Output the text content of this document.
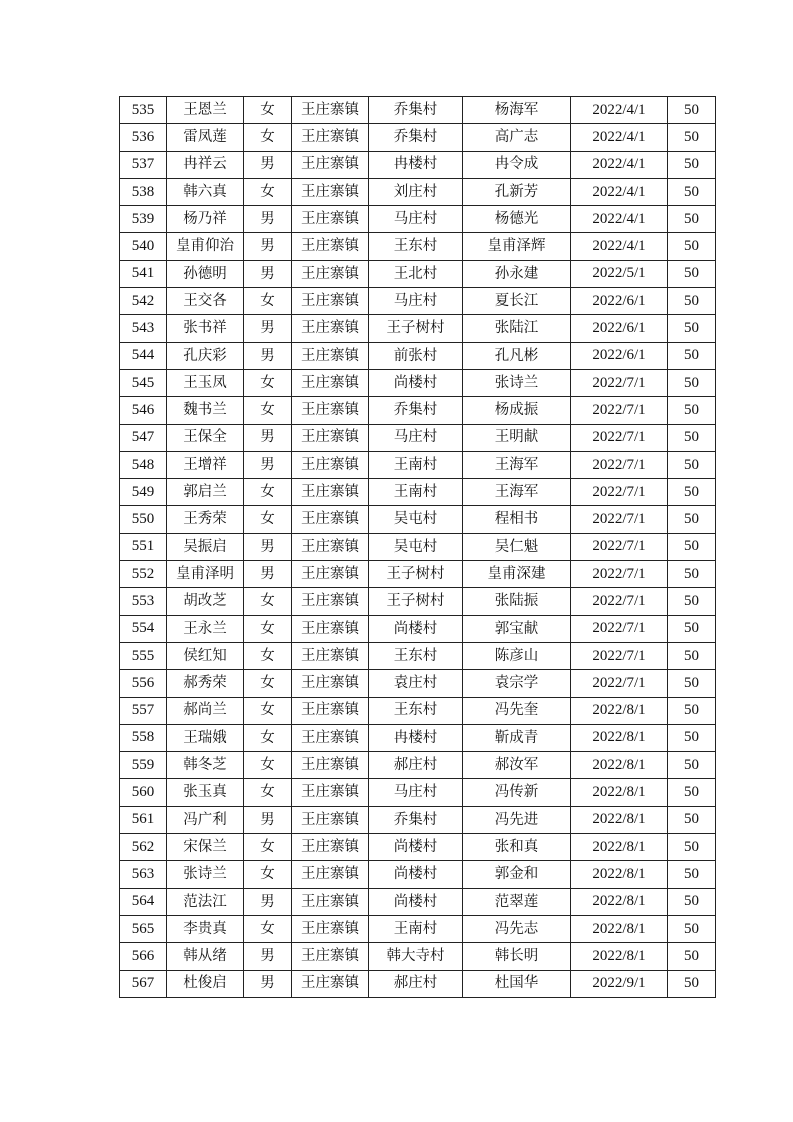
535	王恩兰	女	王庄寨镇	乔集村	杨海军	2022/4/1	50
536	雷凤莲	女	王庄寨镇	乔集村	高广志	2022/4/1	50
537	冉祥云	男	王庄寨镇	冉楼村	冉令成	2022/4/1	50
538	韩六真	女	王庄寨镇	刘庄村	孔新芳	2022/4/1	50
539	杨乃祥	男	王庄寨镇	马庄村	杨德光	2022/4/1	50
540	皇甫仰治	男	王庄寨镇	王东村	皇甫泽辉	2022/4/1	50
541	孙德明	男	王庄寨镇	王北村	孙永建	2022/5/1	50
542	王交各	女	王庄寨镇	马庄村	夏长江	2022/6/1	50
543	张书祥	男	王庄寨镇	王子树村	张陆江	2022/6/1	50
544	孔庆彩	男	王庄寨镇	前张村	孔凡彬	2022/6/1	50
545	王玉凤	女	王庄寨镇	尚楼村	张诗兰	2022/7/1	50
546	魏书兰	女	王庄寨镇	乔集村	杨成振	2022/7/1	50
547	王保全	男	王庄寨镇	马庄村	王明献	2022/7/1	50
548	王增祥	男	王庄寨镇	王南村	王海军	2022/7/1	50
549	郭启兰	女	王庄寨镇	王南村	王海军	2022/7/1	50
550	王秀荣	女	王庄寨镇	吴屯村	程相书	2022/7/1	50
551	吴振启	男	王庄寨镇	吴屯村	吴仁魁	2022/7/1	50
552	皇甫泽明	男	王庄寨镇	王子树村	皇甫深建	2022/7/1	50
553	胡改芝	女	王庄寨镇	王子树村	张陆振	2022/7/1	50
554	王永兰	女	王庄寨镇	尚楼村	郭宝献	2022/7/1	50
555	侯红知	女	王庄寨镇	王东村	陈彦山	2022/7/1	50
556	郝秀荣	女	王庄寨镇	袁庄村	袁宗学	2022/7/1	50
557	郝尚兰	女	王庄寨镇	王东村	冯先奎	2022/8/1	50
558	王瑞娥	女	王庄寨镇	冉楼村	靳成青	2022/8/1	50
559	韩冬芝	女	王庄寨镇	郝庄村	郝汝军	2022/8/1	50
560	张玉真	女	王庄寨镇	马庄村	冯传新	2022/8/1	50
561	冯广利	男	王庄寨镇	乔集村	冯先进	2022/8/1	50
562	宋保兰	女	王庄寨镇	尚楼村	张和真	2022/8/1	50
563	张诗兰	女	王庄寨镇	尚楼村	郭金和	2022/8/1	50
564	范法江	男	王庄寨镇	尚楼村	范翠莲	2022/8/1	50
565	李贵真	女	王庄寨镇	王南村	冯先志	2022/8/1	50
566	韩从绪	男	王庄寨镇	韩大寺村	韩长明	2022/8/1	50
567	杜俊启	男	王庄寨镇	郝庄村	杜国华	2022/9/1	50
